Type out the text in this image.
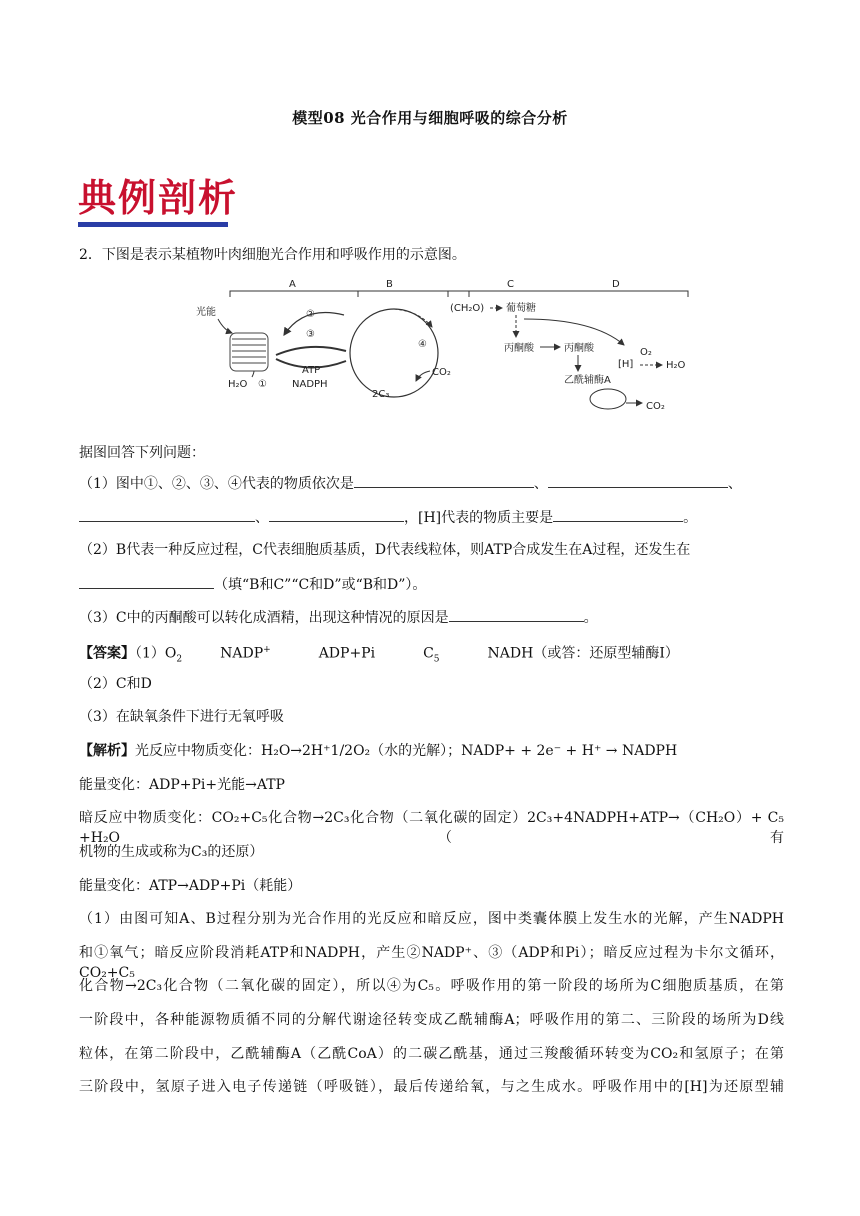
模型08 光合作用与细胞呼吸的综合分析
典例剖析
2．下图是表示某植物叶肉细胞光合作用和呼吸作用的示意图。
A	B	C	D
光能
H₂O ①
②
③
ATP
NADPH
④
2C₃
CO₂
(CH₂O) 葡萄糖
丙酮酸	丙酮酸
[H]
O₂
H₂O
乙酰辅酶A
CO₂
据图回答下列问题：
（1）图中①、②、③、④代表的物质依次是	、	、
、	，[H]代表的物质主要是	。
（2）B代表一种反应过程，C代表细胞质基质，D代表线粒体，则ATP合成发生在A过程，还发生在
（填“B和C”“C和D”或“B和D”）。
（3）C中的丙酮酸可以转化成酒精，出现这种情况的原因是	。
【答案】$(1)O_2$	NADP+	ADP+Pi	$C_5$	NADH（或答：还原型辅酶Ⅰ）
（2）C和D
（3）在缺氧条件下进行无氧呼吸
【解析】光反应中物质变化：H₂O→2H⁺1/2O₂（水的光解）；NADP+ + 2e⁻ + H⁺ → NADPH
能量变化：ADP+Pi+光能→ATP
暗反应中物质变化：CO₂+C₅化合物→2C₃化合物（二氧化碳的固定）2C₃+4NADPH+ATP→（CH₂O）+ C₅ +H₂O（有
机物的生成或称为C₃的还原）
能量变化：ATP→ADP+Pi（耗能）
（1）由图可知A、B过程分别为光合作用的光反应和暗反应，图中类囊体膜上发生水的光解，产生NADPH
和①氧气；暗反应阶段消耗ATP和NADPH，产生②NADP⁺、③（ADP和Pi）；暗反应过程为卡尔文循环，CO₂+C₅
化合物→2C₃化合物（二氧化碳的固定），所以④为C₅。呼吸作用的第一阶段的场所为C细胞质基质，在第
一阶段中，各种能源物质循不同的分解代谢途径转变成乙酰辅酶A；呼吸作用的第二、三阶段的场所为D线
粒体，在第二阶段中，乙酰辅酶A（乙酰CoA）的二碳乙酰基，通过三羧酸循环转变为CO₂和氢原子；在第
三阶段中，氢原子进入电子传递链（呼吸链），最后传递给氧，与之生成水。呼吸作用中的[H]为还原型辅
